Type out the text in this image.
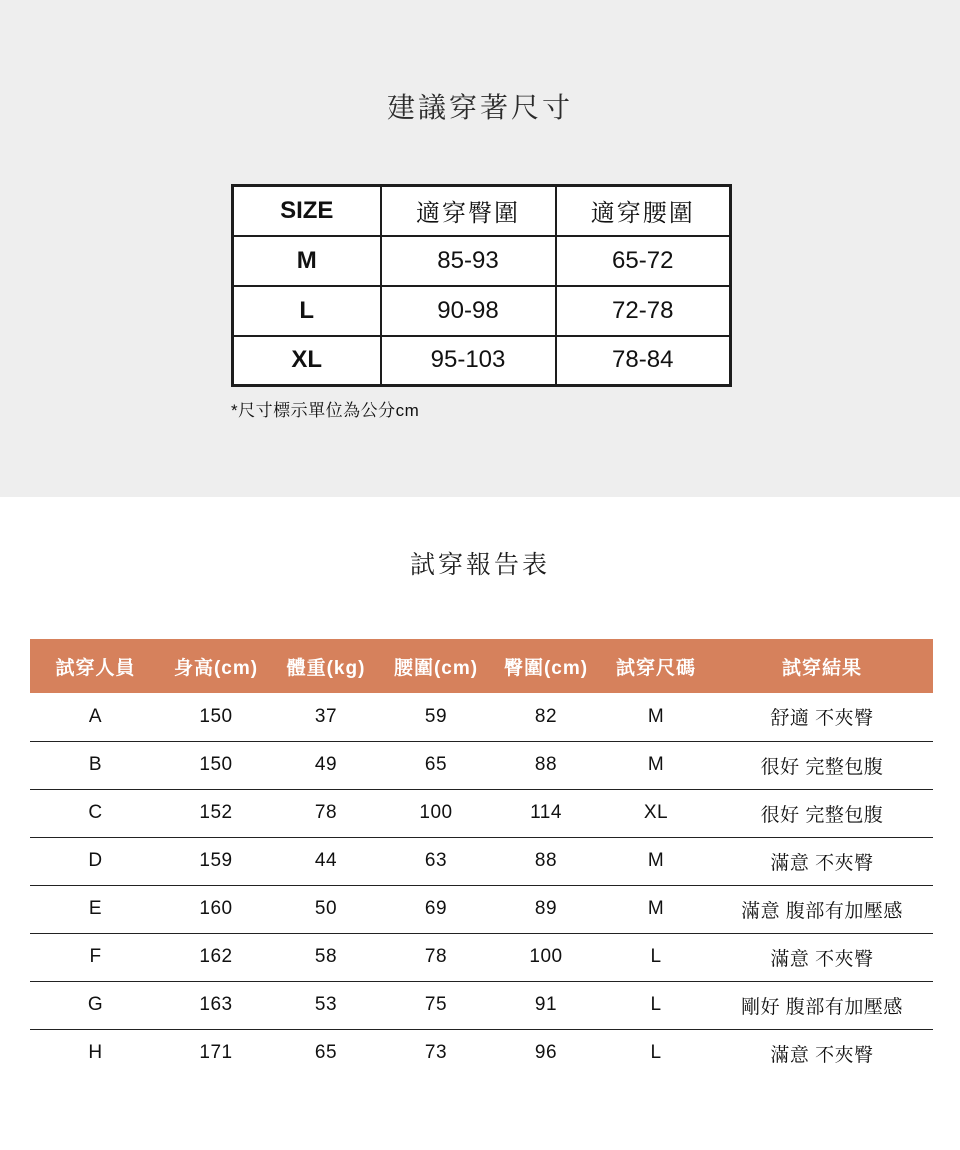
建議穿著尺寸
SIZE	適穿臀圍	適穿腰圍
M	85-93	65-72
L	90-98	72-78
XL	95-103	78-84
*尺寸標示單位為公分cm
試穿報告表
試穿人員	身高(cm)	體重(kg)	腰圍(cm)	臀圍(cm)	試穿尺碼	試穿結果
A	150	37	59	82	M	舒適 不夾臀
B	150	49	65	88	M	很好 完整包腹
C	152	78	100	114	XL	很好 完整包腹
D	159	44	63	88	M	滿意 不夾臀
E	160	50	69	89	M	滿意 腹部有加壓感
F	162	58	78	100	L	滿意 不夾臀
G	163	53	75	91	L	剛好 腹部有加壓感
H	171	65	73	96	L	滿意 不夾臀
